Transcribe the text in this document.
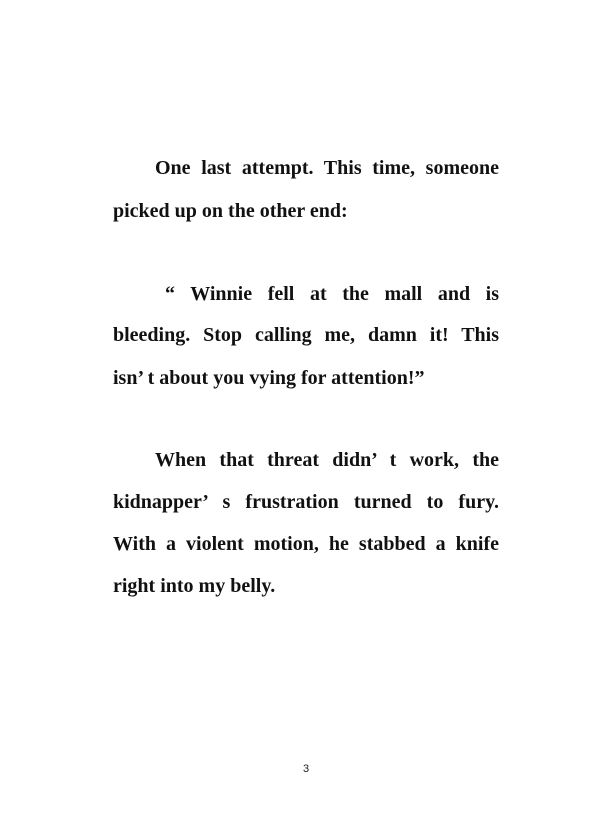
One last attempt. This time, someone
picked up on the other end:
“ Winnie fell at the mall and is
bleeding. Stop calling me, damn it! This
isn’ t about you vying for attention!”
When that threat didn’ t work, the
kidnapper’ s frustration turned to fury.
With a violent motion, he stabbed a knife
right into my belly.
3
